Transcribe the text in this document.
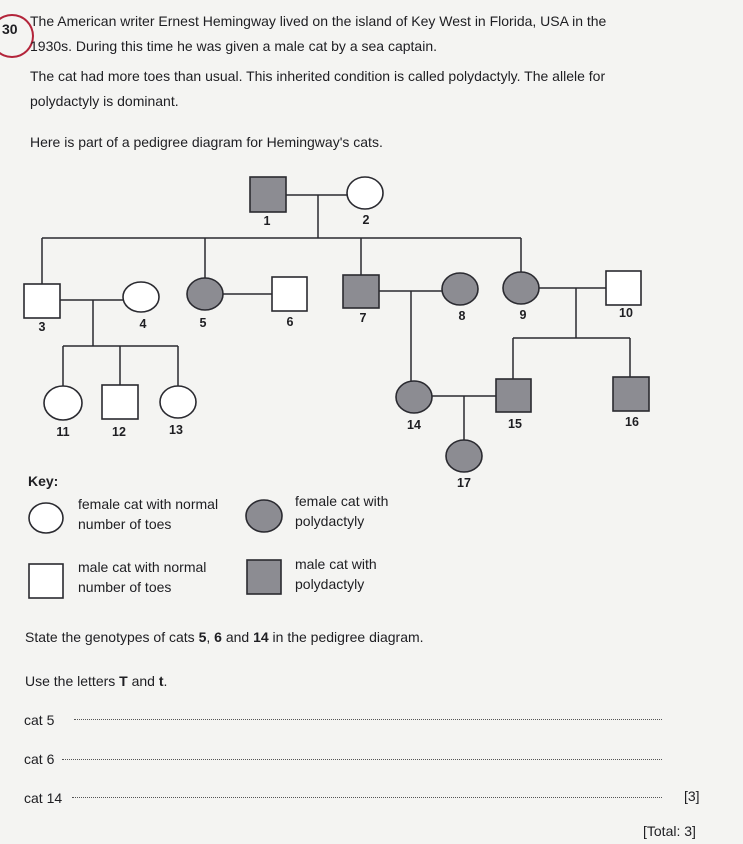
30 The American writer Ernest Hemingway lived on the island of Key West in Florida, USA in the
1930s. During this time he was given a male cat by a sea captain.
The cat had more toes than usual. This inherited condition is called polydactyly. The allele for
polydactyly is dominant.
Here is part of a pedigree diagram for Hemingway's cats.
1	2
3	4	5	6	7	8	9	10
11	12	13	14	15	16
17
Key:
female cat with normal
number of toes
female cat with
polydactyly
male cat with normal
number of toes
male cat with
polydactyly
State the genotypes of cats 5, 6 and 14 in the pedigree diagram.
Use the letters T and t.
cat 5
cat 6
cat 14	[3]
[Total: 3]
